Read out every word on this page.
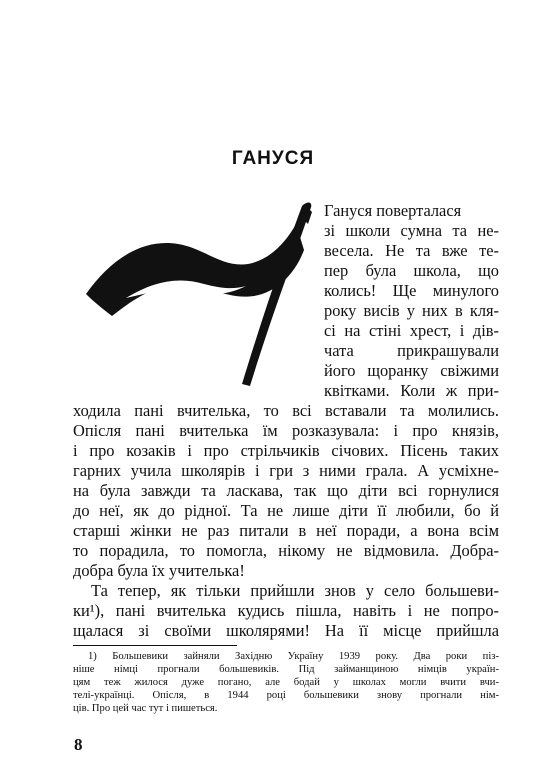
ГАНУСЯ
Гануся поверталася
зі школи сумна та не-
весела. Не та вже те-
пер була школа, що
колись! Ще минулого
року висів у них в кля-
сі на стіні хрест, і дів-
чата прикрашували
його щоранку свіжими
квітками. Коли ж при-
ходила пані вчителька, то всі вставали та молились.
Опісля пані вчителька їм розказувала: і про князів,
і про козаків і про стрільчиків січових. Пісень таких
гарних учила школярів і гри з ними грала. А усміхне-
на була завжди та ласкава, так що діти всі горнулися
до неї, як до рідної. Та не лише діти її любили, бо й
старші жінки не раз питали в неї поради, а вона всім
то порадила, то помогла, нікому не відмовила. Добра-
добра була їх учителька!
Та тепер, як тільки прийшли знов у село большеви-
ки¹), пані вчителька кудись пішла, навіть і не попро-
щалася зі своїми школярями! На її місце прийшла
1) Большевики зайняли Західню Україну 1939 року. Два роки піз-
ніше німці прогнали большевиків. Під займанщиною німців україн-
цям теж жилося дуже погано, але бодай у школах могли вчити вчи-
телі-українці. Опісля, в 1944 році большевики знову прогнали нім-
ців. Про цей час тут і пишеться.
8
